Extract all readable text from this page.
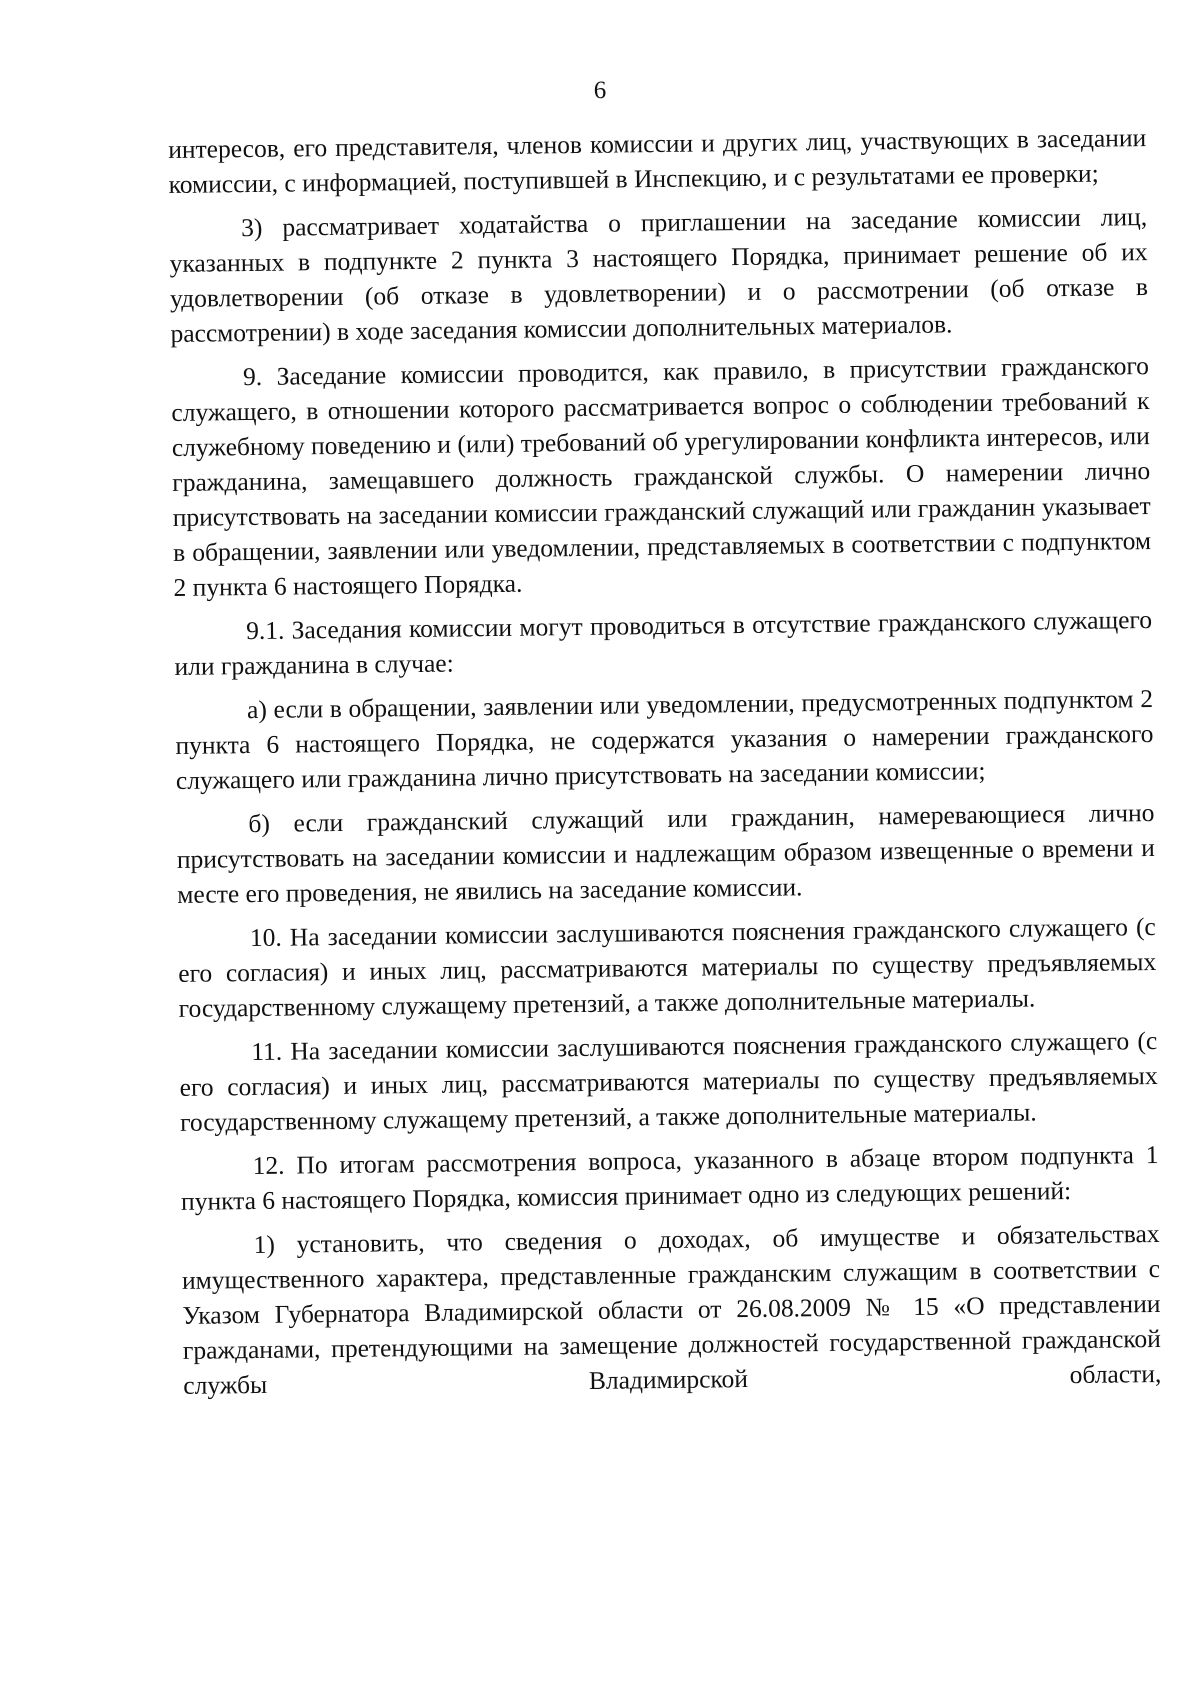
6

интересов, его представителя, членов комиссии и других лиц, участвующих в заседании комиссии, с информацией, поступившей в Инспекцию, и с результатами ее проверки;

3) рассматривает ходатайства о приглашении на заседание комиссии лиц, указанных в подпункте 2 пункта 3 настоящего Порядка, принимает решение об их удовлетворении (об отказе в удовлетворении) и о рассмотрении (об отказе в рассмотрении) в ходе заседания комиссии дополнительных материалов.

9. Заседание комиссии проводится, как правило, в присутствии гражданского служащего, в отношении которого рассматривается вопрос о соблюдении требований к служебному поведению и (или) требований об урегулировании конфликта интересов, или гражданина, замещавшего должность гражданской службы. О намерении лично присутствовать на заседании комиссии гражданский служащий или гражданин указывает в обращении, заявлении или уведомлении, представляемых в соответствии с подпунктом 2 пункта 6 настоящего Порядка.

9.1. Заседания комиссии могут проводиться в отсутствие гражданского служащего или гражданина в случае:

а) если в обращении, заявлении или уведомлении, предусмотренных подпунктом 2 пункта 6 настоящего Порядка, не содержатся указания о намерении гражданского служащего или гражданина лично присутствовать на заседании комиссии;

б) если гражданский служащий или гражданин, намеревающиеся лично присутствовать на заседании комиссии и надлежащим образом извещенные о времени и месте его проведения, не явились на заседание комиссии.

10. На заседании комиссии заслушиваются пояснения гражданского служащего (с его согласия) и иных лиц, рассматриваются материалы по существу предъявляемых государственному служащему претензий, а также дополнительные материалы.

11. На заседании комиссии заслушиваются пояснения гражданского служащего (с его согласия) и иных лиц, рассматриваются материалы по существу предъявляемых государственному служащему претензий, а также дополнительные материалы.

12. По итогам рассмотрения вопроса, указанного в абзаце втором подпункта 1 пункта 6 настоящего Порядка, комиссия принимает одно из следующих решений:

1) установить, что сведения о доходах, об имуществе и обязательствах имущественного характера, представленные гражданским служащим в соответствии с Указом Губернатора Владимирской области от 26.08.2009 № 15 «О представлении гражданами, претендующими на замещение должностей государственной гражданской службы Владимирской области,
